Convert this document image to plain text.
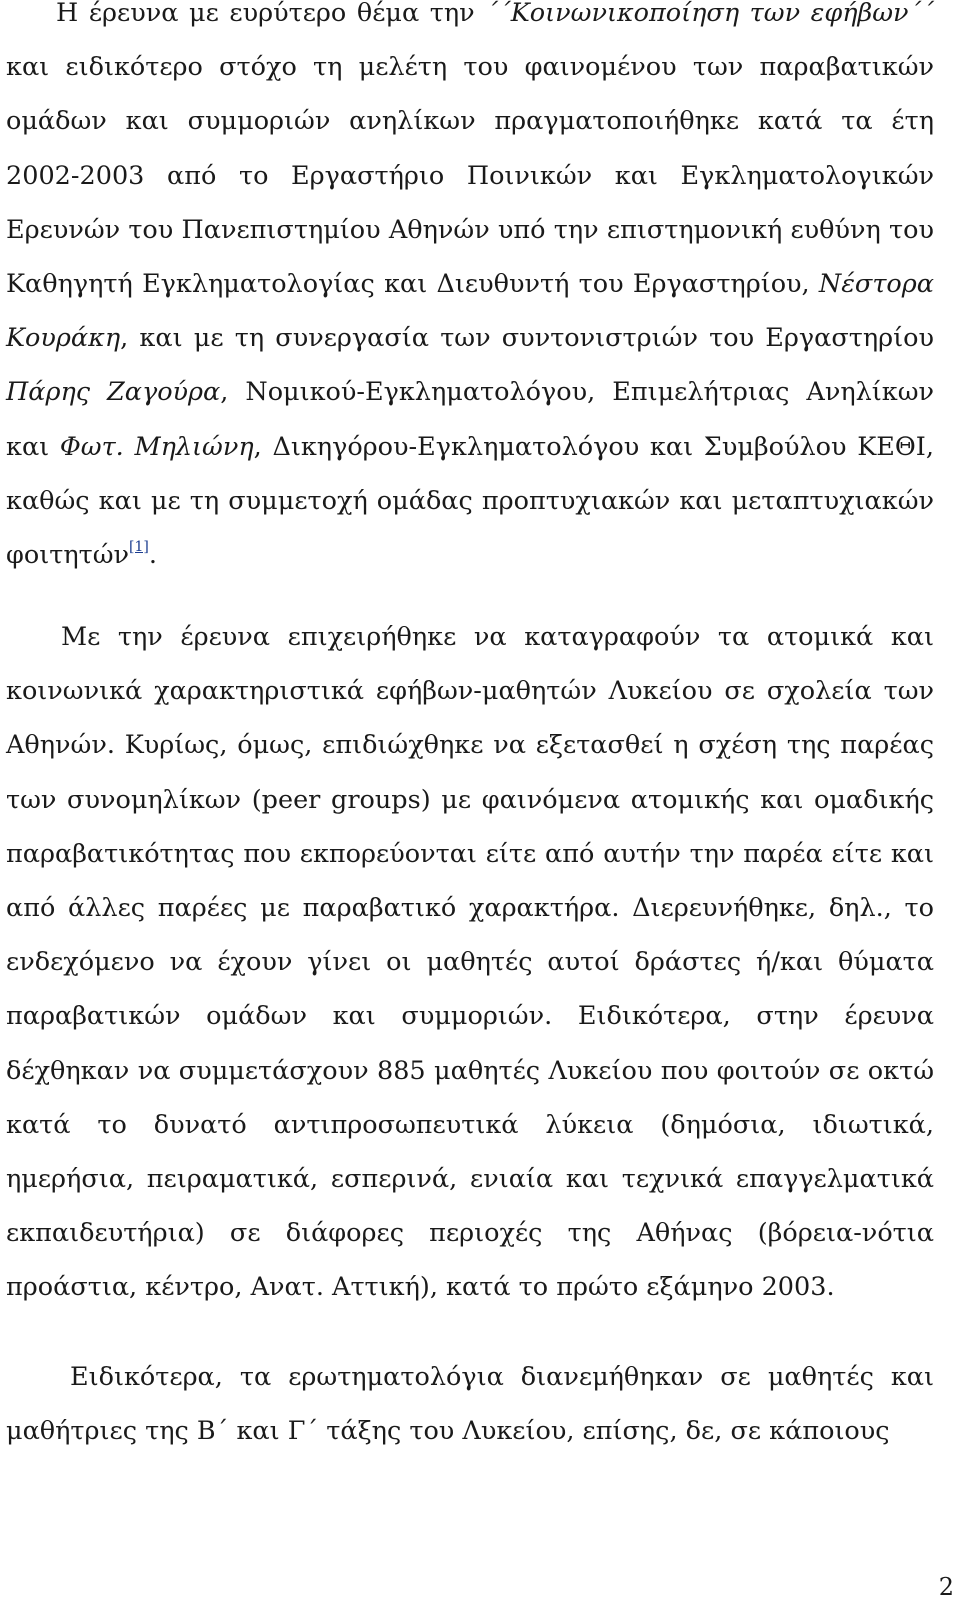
Η έρευνα με ευρύτερο θέμα την ΄΄Κοινωνικοποίηση των εφήβων΄΄ και ειδικότερο στόχο τη μελέτη του φαινομένου των παραβατικών ομάδων και συμμοριών ανηλίκων πραγματοποιήθηκε κατά τα έτη 2002-2003 από το Εργαστήριο Ποινικών και Εγκληματολογικών Ερευνών του Πανεπιστημίου Αθηνών υπό την επιστημονική ευθύνη του Καθηγητή Εγκληματολογίας και Διευθυντή του Εργαστηρίου, Νέστορα Κουράκη, και με τη συνεργασία των συντονιστριών του Εργαστηρίου Πάρης Ζαγούρα, Νομικού-Εγκληματολόγου, Επιμελήτριας Ανηλίκων και Φωτ. Μηλιώνη, Δικηγόρου-Εγκληματολόγου και Συμβούλου ΚΕΘΙ, καθώς και με τη συμμετοχή ομάδας προπτυχιακών και μεταπτυχιακών φοιτητών[1].

Με την έρευνα επιχειρήθηκε να καταγραφούν τα ατομικά και κοινωνικά χαρακτηριστικά εφήβων-μαθητών Λυκείου σε σχολεία των Αθηνών. Κυρίως, όμως, επιδιώχθηκε να εξετασθεί η σχέση της παρέας των συνομηλίκων (peer groups) με φαινόμενα ατομικής και ομαδικής παραβατικότητας που εκπορεύονται είτε από αυτήν την παρέα είτε και από άλλες παρέες με παραβατικό χαρακτήρα. Διερευνήθηκε, δηλ., το ενδεχόμενο να έχουν γίνει οι μαθητές αυτοί δράστες ή/και θύματα παραβατικών ομάδων και συμμοριών. Ειδικότερα, στην έρευνα δέχθηκαν να συμμετάσχουν 885 μαθητές Λυκείου που φοιτούν σε οκτώ κατά το δυνατό αντιπροσωπευτικά λύκεια (δημόσια, ιδιωτικά, ημερήσια, πειραματικά, εσπερινά, ενιαία και τεχνικά επαγγελματικά εκπαιδευτήρια) σε διάφορες περιοχές της Αθήνας (βόρεια-νότια προάστια, κέντρο, Ανατ. Αττική), κατά το πρώτο εξάμηνο 2003.

Ειδικότερα, τα ερωτηματολόγια διανεμήθηκαν σε μαθητές και μαθήτριες της Β΄ και Γ΄ τάξης του Λυκείου, επίσης, δε, σε κάποιους

2
